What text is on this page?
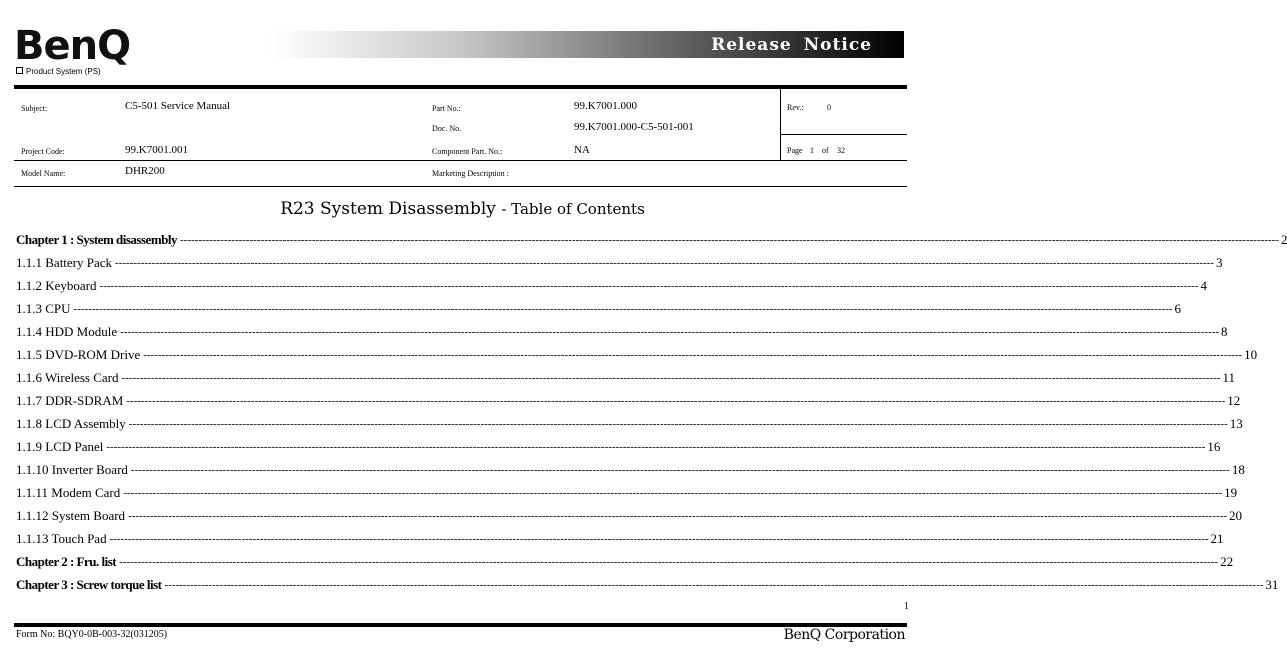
BenQ	Release Notice
Product System (PS)
Subject:	C5-501 Service Manual	Part No.:	99.K7001.000
Doc. No.	99.K7001.000-C5-501-001
Rev.:	0
Project Code:	99.K7001.001	Component Part. No.:	NA	Page 1 of 32
Model Name:	DHR200	Marketing Description :
R23 System Disassembly - Table of Contents
Chapter 1 : System disassembly ------------------------------------------------------------------------------------------------------------------------------------------------------------------------------------------------------------------------------------------------------------------------------------------------------------ 2
1.1.1 Battery Pack ------------------------------------------------------------------------------------------------------------------------------------------------------------------------------------------------------------------------------------------------------------------------------------------------------------ 3
1.1.2 Keyboard ------------------------------------------------------------------------------------------------------------------------------------------------------------------------------------------------------------------------------------------------------------------------------------------------------------ 4
1.1.3 CPU ------------------------------------------------------------------------------------------------------------------------------------------------------------------------------------------------------------------------------------------------------------------------------------------------------------ 6
1.1.4 HDD Module ------------------------------------------------------------------------------------------------------------------------------------------------------------------------------------------------------------------------------------------------------------------------------------------------------------ 8
1.1.5 DVD-ROM Drive ------------------------------------------------------------------------------------------------------------------------------------------------------------------------------------------------------------------------------------------------------------------------------------------------------------ 10
1.1.6 Wireless Card ------------------------------------------------------------------------------------------------------------------------------------------------------------------------------------------------------------------------------------------------------------------------------------------------------------ 11
1.1.7 DDR-SDRAM ------------------------------------------------------------------------------------------------------------------------------------------------------------------------------------------------------------------------------------------------------------------------------------------------------------ 12
1.1.8 LCD Assembly ------------------------------------------------------------------------------------------------------------------------------------------------------------------------------------------------------------------------------------------------------------------------------------------------------------ 13
1.1.9 LCD Panel ------------------------------------------------------------------------------------------------------------------------------------------------------------------------------------------------------------------------------------------------------------------------------------------------------------ 16
1.1.10 Inverter Board ------------------------------------------------------------------------------------------------------------------------------------------------------------------------------------------------------------------------------------------------------------------------------------------------------------ 18
1.1.11 Modem Card ------------------------------------------------------------------------------------------------------------------------------------------------------------------------------------------------------------------------------------------------------------------------------------------------------------ 19
1.1.12 System Board ------------------------------------------------------------------------------------------------------------------------------------------------------------------------------------------------------------------------------------------------------------------------------------------------------------ 20
1.1.13 Touch Pad ------------------------------------------------------------------------------------------------------------------------------------------------------------------------------------------------------------------------------------------------------------------------------------------------------------ 21
Chapter 2 : Fru. list ------------------------------------------------------------------------------------------------------------------------------------------------------------------------------------------------------------------------------------------------------------------------------------------------------------ 22
Chapter 3 : Screw torque list ------------------------------------------------------------------------------------------------------------------------------------------------------------------------------------------------------------------------------------------------------------------------------------------------------------ 31
1
Form No: BQY0-0B-003-32(031205)	BenQ Corporation
